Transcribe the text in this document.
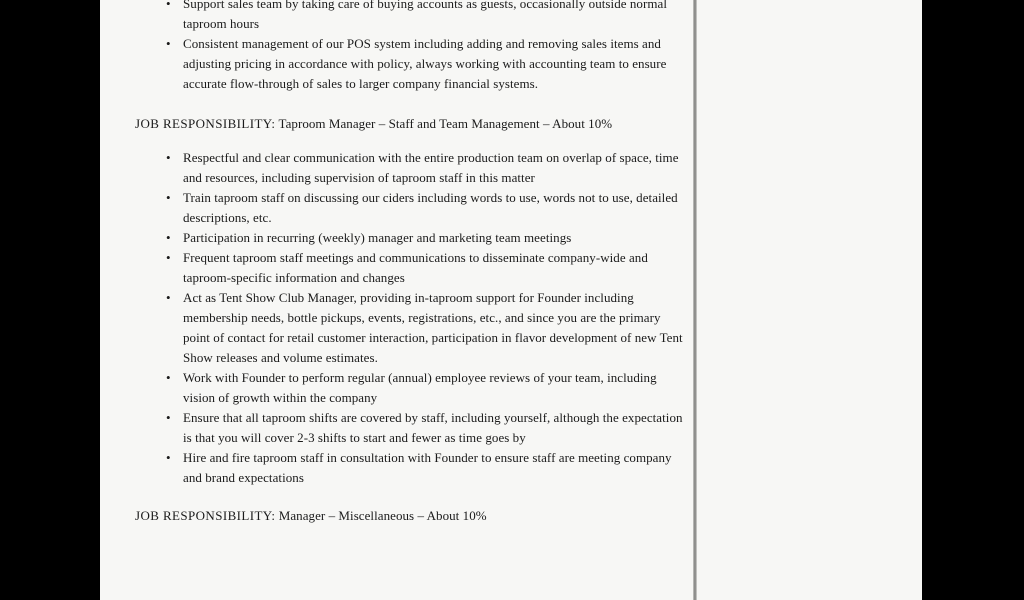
• Support sales team by taking care of buying accounts as guests, occasionally outside normal taproom hours
• Consistent management of our POS system including adding and removing sales items and adjusting pricing in accordance with policy, always working with accounting team to ensure accurate flow-through of sales to larger company financial systems.

JOB RESPONSIBILITY: Taproom Manager – Staff and Team Management – About 10%

• Respectful and clear communication with the entire production team on overlap of space, time and resources, including supervision of taproom staff in this matter
• Train taproom staff on discussing our ciders including words to use, words not to use, detailed descriptions, etc.
• Participation in recurring (weekly) manager and marketing team meetings
• Frequent taproom staff meetings and communications to disseminate company-wide and taproom-specific information and changes
• Act as Tent Show Club Manager, providing in-taproom support for Founder including membership needs, bottle pickups, events, registrations, etc., and since you are the primary point of contact for retail customer interaction, participation in flavor development of new Tent Show releases and volume estimates.
• Work with Founder to perform regular (annual) employee reviews of your team, including vision of growth within the company
• Ensure that all taproom shifts are covered by staff, including yourself, although the expectation is that you will cover 2-3 shifts to start and fewer as time goes by
• Hire and fire taproom staff in consultation with Founder to ensure staff are meeting company and brand expectations

JOB RESPONSIBILITY: Manager – Miscellaneous – About 10%
